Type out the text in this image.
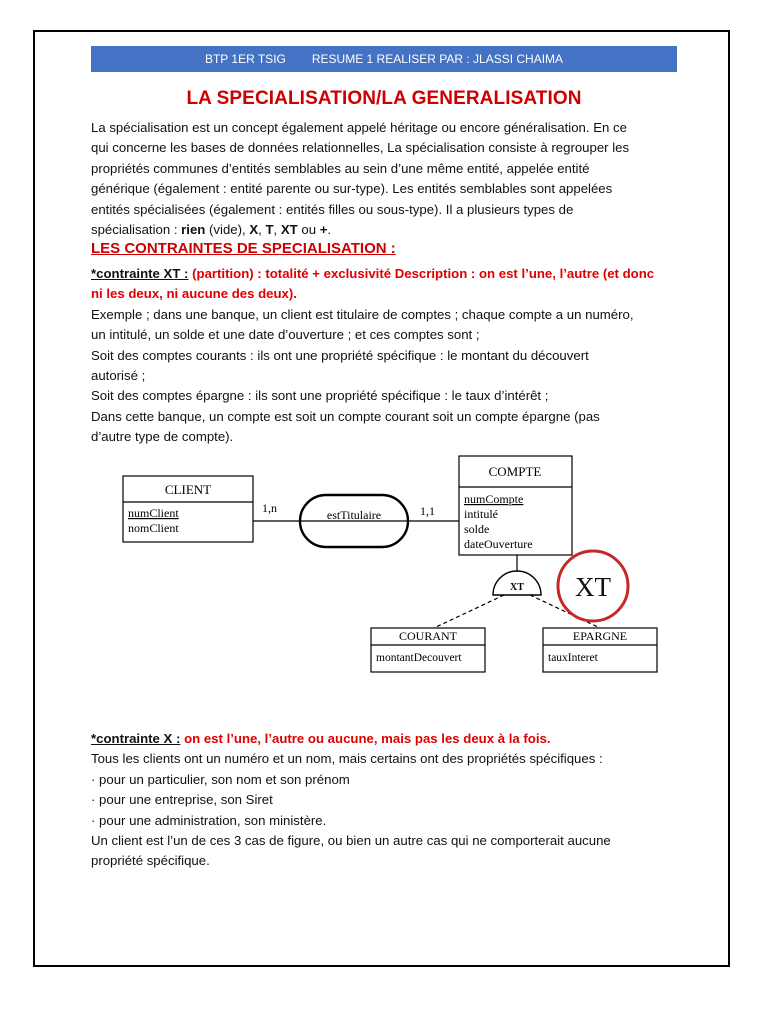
BTP 1ER TSIG RESUME 1 REALISER PAR : JLASSI CHAIMA
LA SPECIALISATION/LA GENERALISATION
La spécialisation est un concept également appelé héritage ou encore généralisation. En ce
qui concerne les bases de données relationnelles, La spécialisation consiste à regrouper les
propriétés communes d’entités semblables au sein d’une même entité, appelée entité
générique (également : entité parente ou sur-type). Les entités semblables sont appelées
entités spécialisées (également : entités filles ou sous-type). Il a plusieurs types de
spécialisation : rien (vide), X, T, XT ou +.
LES CONTRAINTES DE SPECIALISATION :
*contrainte XT : (partition) : totalité + exclusivité Description : on est l’une, l’autre (et donc
ni les deux, ni aucune des deux).
Exemple ; dans une banque, un client est titulaire de comptes ; chaque compte a un numéro,
un intitulé, un solde et une date d’ouverture ; et ces comptes sont ;
Soit des comptes courants : ils ont une propriété spécifique : le montant du découvert
autorisé ;
Soit des comptes épargne : ils sont une propriété spécifique : le taux d’intérêt ;
Dans cette banque, un compte est soit un compte courant soit un compte épargne (pas
d’autre type de compte).
CLIENT
numClient
nomClient
1,n	1,1
estTitulaire
COMPTE
numCompte
intitulé
solde
dateOuverture
XT XT
COURANT
montantDecouvert
EPARGNE
tauxInteret
*contrainte X : on est l’une, l’autre ou aucune, mais pas les deux à la fois.
Tous les clients ont un numéro et un nom, mais certains ont des propriétés spécifiques :
· pour un particulier, son nom et son prénom
· pour une entreprise, son Siret
· pour une administration, son ministère.
Un client est l’un de ces 3 cas de figure, ou bien un autre cas qui ne comporterait aucune
propriété spécifique.
